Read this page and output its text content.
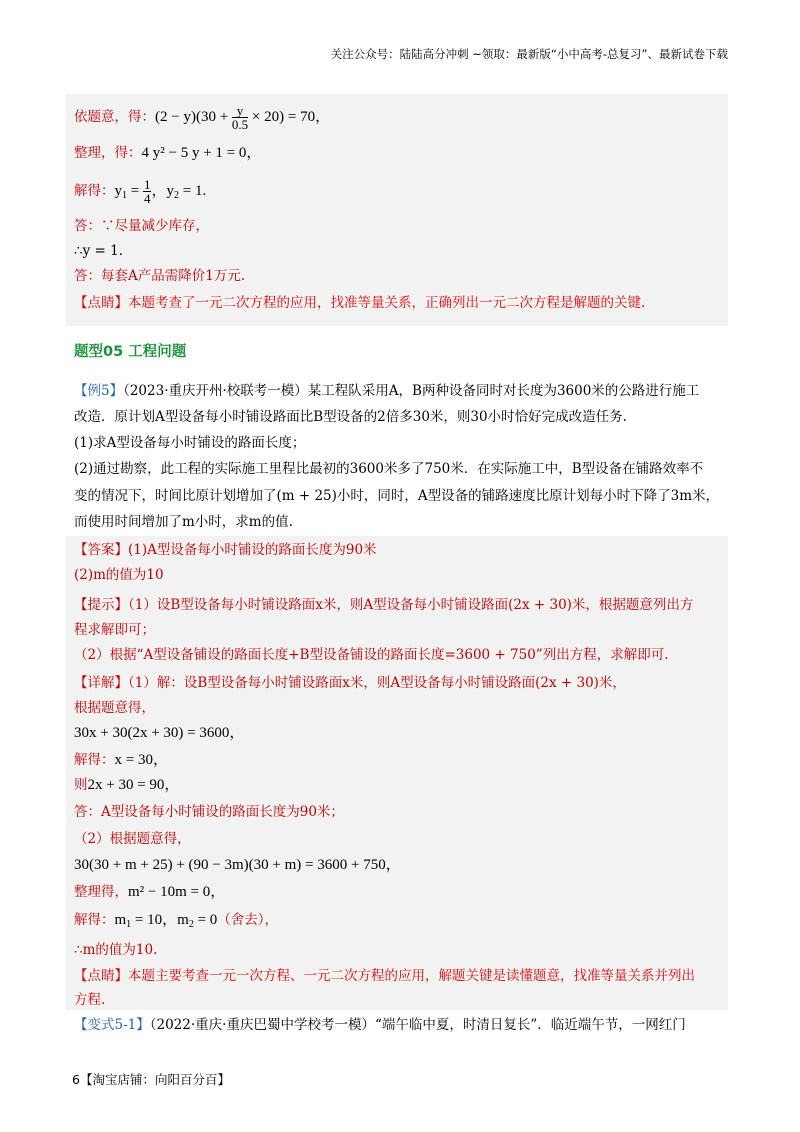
关注公众号：陆陆高分冲刺 ~领取：最新版“小中高考-总复习”、最新试卷下载
依题意，得：$(2 - y)(30 + \frac{y}{0.5} \times 20) = 70$，
整理，得：4 y² − 5 y + 1 = 0，
解得：$y_1 = \frac{1}{4}$ ，$y_2 = 1$.
答：∵尽量减少库存，
∴y = 1.
答：每套A产品需降价1万元.
【点睛】本题考查了一元二次方程的应用，找准等量关系，正确列出一元二次方程是解题的关键.
题型05 工程问题
【例5】（2023·重庆开州·校联考一模）某工程队采用A，B两种设备同时对长度为3600米的公路进行施工
改造．原计划A型设备每小时铺设路面比B型设备的2倍多30米，则30小时恰好完成改造任务.
(1)求A型设备每小时铺设的路面长度；
(2)通过勘察，此工程的实际施工里程比最初的3600米多了750米．在实际施工中，B型设备在铺路效率不
变的情况下，时间比原计划增加了(m + 25)小时，同时，A型设备的铺路速度比原计划每小时下降了3m米，
而使用时间增加了m小时，求m的值.
【答案】(1)A型设备每小时铺设的路面长度为90米
(2)m的值为10
【提示】（1）设B型设备每小时铺设路面x米，则A型设备每小时铺设路面(2x + 30)米，根据题意列出方
程求解即可；
（2）根据“A型设备铺设的路面长度+B型设备铺设的路面长度=3600 + 750”列出方程，求解即可.
【详解】（1）解：设B型设备每小时铺设路面x米，则A型设备每小时铺设路面(2x + 30)米，
根据题意得，
30x + 30(2x + 30) = 3600，
解得：x = 30，
则2x + 30 = 90，
答：A型设备每小时铺设的路面长度为90米；
（2）根据题意得，
30(30 + m + 25) + (90 − 3m)(30 + m) = 3600 + 750，
整理得，m² − 10m = 0，
解得：$m_1 = 10$，$m_2 = 0$（舍去），
∴m的值为10.
【点睛】本题主要考查一元一次方程、一元二次方程的应用，解题关键是读懂题意，找准等量关系并列出
方程.
【变式5-1】（2022·重庆·重庆巴蜀中学校考一模）“端午临中夏，时清日复长”．临近端午节，一网红门
6【淘宝店铺：向阳百分百】
